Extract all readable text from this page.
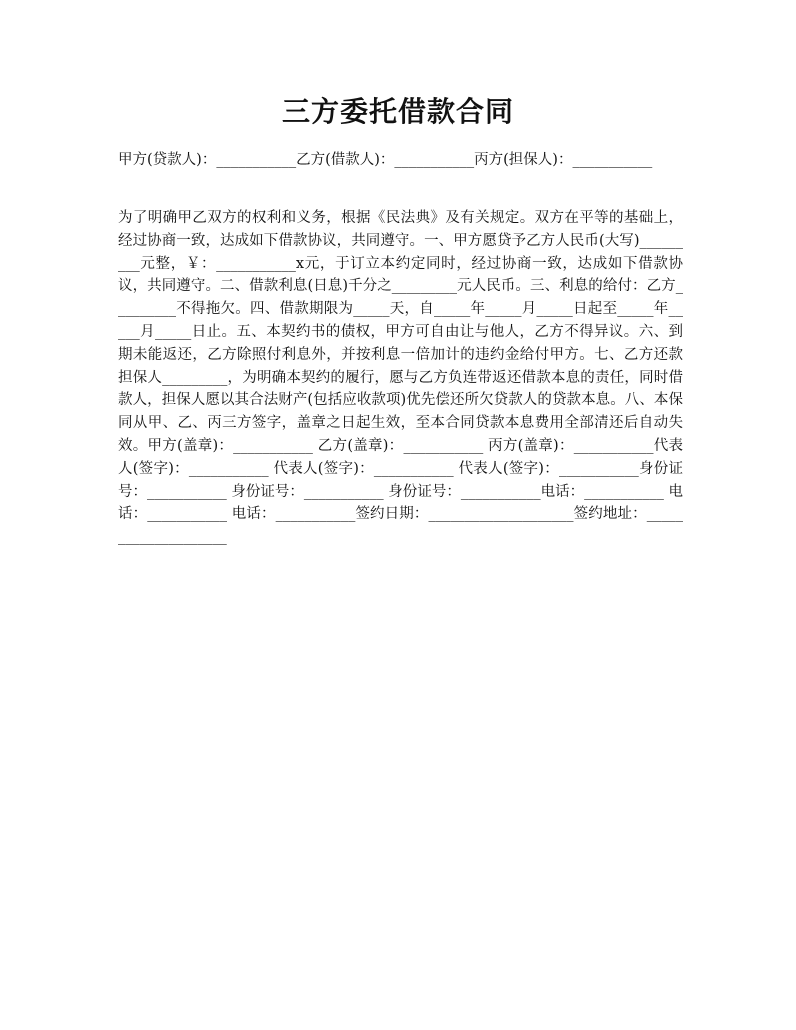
三方委托借款合同
甲方(贷款人)：___________乙方(借款人)：___________丙方(担保人)：___________
为了明确甲乙双方的权利和义务，根据《民法典》及有关规定。双方在平等的基础上，经过协商一致，达成如下借款协议，共同遵守。一、甲方愿贷予乙方人民币(大写)_________元整，￥：___________x元，于订立本约定同时，经过协商一致，达成如下借款协议，共同遵守。二、借款利息(日息)千分之_________元人民币。三、利息的给付：乙方_________不得拖欠。四、借款期限为_____天，自_____年_____月_____日起至_____年_____月_____日止。五、本契约书的债权，甲方可自由让与他人，乙方不得异议。六、到期未能返还，乙方除照付利息外，并按利息一倍加计的违约金给付甲方。七、乙方还款担保人_________，为明确本契约的履行，愿与乙方负连带返还借款本息的责任，同时借款人，担保人愿以其合法财产(包括应收款项)优先偿还所欠贷款人的贷款本息。八、本保同从甲、乙、丙三方签字，盖章之日起生效，至本合同贷款本息费用全部清还后自动失效。甲方(盖章)：___________ 乙方(盖章)：___________ 丙方(盖章)：___________代表人(签字)：___________ 代表人(签字)：___________ 代表人(签字)：___________身份证号：___________ 身份证号：___________ 身份证号：___________电话：___________ 电话：___________ 电话：___________签约日期：____________________签约地址：____________________
